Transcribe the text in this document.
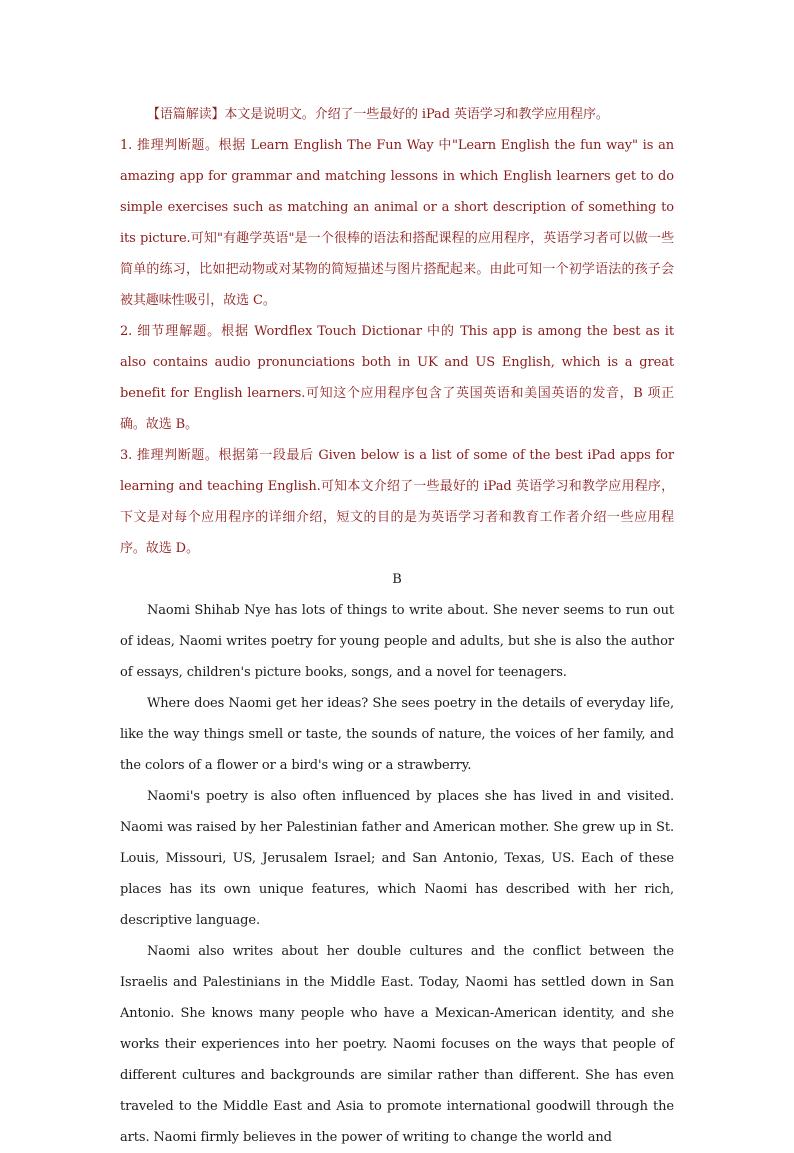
【语篇解读】本文是说明文。介绍了一些最好的 iPad 英语学习和教学应用程序。

1. 推理判断题。根据 Learn English The Fun Way 中"Learn English the fun way" is an amazing app for grammar and matching lessons in which English learners get to do simple exercises such as matching an animal or a short description of something to its picture.可知"有趣学英语"是一个很棒的语法和搭配课程的应用程序，英语学习者可以做一些简单的练习，比如把动物或对某物的简短描述与图片搭配起来。由此可知一个初学语法的孩子会被其趣味性吸引，故选 C。

2. 细节理解题。根据 Wordflex Touch Dictionar 中的 This app is among the best as it also contains audio pronunciations both in UK and US English, which is a great benefit for English learners.可知这个应用程序包含了英国英语和美国英语的发音，B 项正确。故选 B。

3. 推理判断题。根据第一段最后 Given below is a list of some of the best iPad apps for learning and teaching English.可知本文介绍了一些最好的 iPad 英语学习和教学应用程序，下文是对每个应用程序的详细介绍，短文的目的是为英语学习者和教育工作者介绍一些应用程序。故选 D。

B

Naomi Shihab Nye has lots of things to write about. She never seems to run out of ideas, Naomi writes poetry for young people and adults, but she is also the author of essays, children's picture books, songs, and a novel for teenagers.

Where does Naomi get her ideas? She sees poetry in the details of everyday life, like the way things smell or taste, the sounds of nature, the voices of her family, and the colors of a flower or a bird's wing or a strawberry.

Naomi's poetry is also often influenced by places she has lived in and visited. Naomi was raised by her Palestinian father and American mother. She grew up in St. Louis, Missouri, US, Jerusalem Israel; and San Antonio, Texas, US. Each of these places has its own unique features, which Naomi has described with her rich, descriptive language.

Naomi also writes about her double cultures and the conflict between the Israelis and Palestinians in the Middle East. Today, Naomi has settled down in San Antonio. She knows many people who have a Mexican-American identity, and she works their experiences into her poetry. Naomi focuses on the ways that people of different cultures and backgrounds are similar rather than different. She has even traveled to the Middle East and Asia to promote international goodwill through the arts. Naomi firmly believes in the power of writing to change the world and
